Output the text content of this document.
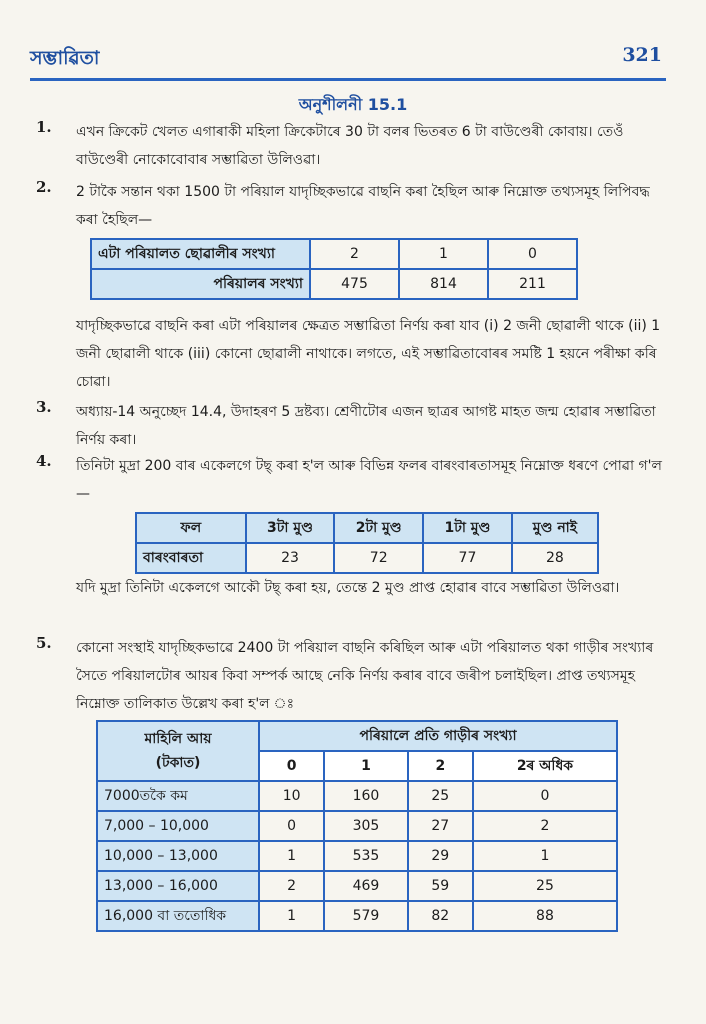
সম্ভাৱিতা	321
অনুশীলনী 15.1
1. এখন ক্ৰিকেট খেলত এগাৰাকী মহিলা ক্ৰিকেটাৰে 30 টা বলৰ ভিতৰত 6 টা বাউণ্ডেৰী কোবায়। তেওঁ বাউণ্ডেৰী নোকোবোবাৰ সম্ভাৱিতা উলিওৱা।
2. 2 টাকৈ সন্তান থকা 1500 টা পৰিয়াল যাদৃচ্ছিকভাৱে বাছনি কৰা হৈছিল আৰু নিম্নোক্ত তথ্যসমূহ লিপিবদ্ধ কৰা হৈছিল—
এটা পৰিয়ালত ছোৱালীৰ সংখ্যা	2	1	0
পৰিয়ালৰ সংখ্যা	475	814	211
যাদৃচ্ছিকভাৱে বাছনি কৰা এটা পৰিয়ালৰ ক্ষেত্ৰত সম্ভাৱিতা নিৰ্ণয় কৰা যাব (i) 2 জনী ছোৱালী থাকে (ii) 1 জনী ছোৱালী থাকে (iii) কোনো ছোৱালী নাথাকে। লগতে, এই সম্ভাৱিতাবোৰৰ সমষ্টি 1 হয়নে পৰীক্ষা কৰি চোৱা।
3. অধ্যায়-14 অনুচ্ছেদ 14.4, উদাহৰণ 5 দ্ৰষ্টব্য। শ্ৰেণীটোৰ এজন ছাত্ৰৰ আগষ্ট মাহত জন্ম হোৱাৰ সম্ভাৱিতা নিৰ্ণয় কৰা।
4. তিনিটা মুদ্ৰা 200 বাৰ একেলগে টছ্ কৰা হ'ল আৰু বিভিন্ন ফলৰ বাৰংবাৰতাসমূহ নিম্নোক্ত ধৰণে পোৱা গ'ল—
ফল	3টা মুণ্ড	2টা মুণ্ড	1টা মুণ্ড	মুণ্ড নাই
বাৰংবাৰতা	23	72	77	28
যদি মুদ্ৰা তিনিটা একেলগে আকৌ টছ্ কৰা হয়, তেন্তে 2 মুণ্ড প্ৰাপ্ত হোৱাৰ বাবে সম্ভাৱিতা উলিওৱা।
5. কোনো সংস্থাই যাদৃচ্ছিকভাৱে 2400 টা পৰিয়াল বাছনি কৰিছিল আৰু এটা পৰিয়ালত থকা গাড়ীৰ সংখ্যাৰ সৈতে পৰিয়ালটোৰ আয়ৰ কিবা সম্পৰ্ক আছে নেকি নিৰ্ণয় কৰাৰ বাবে জৰীপ চলাইছিল। প্ৰাপ্ত তথ্যসমূহ নিম্নোক্ত তালিকাত উল্লেখ কৰা হ'ল ঃ
মাহিলি আয়
(টকাত)	পৰিয়ালে প্ৰতি গাড়ীৰ সংখ্যা			
	0	1	2	2ৰ অধিক
7000তকৈ কম	10	160	25	0
7,000 – 10,000	0	305	27	2
10,000 – 13,000	1	535	29	1
13,000 – 16,000	2	469	59	25
16,000 বা ততোধিক	1	579	82	88
